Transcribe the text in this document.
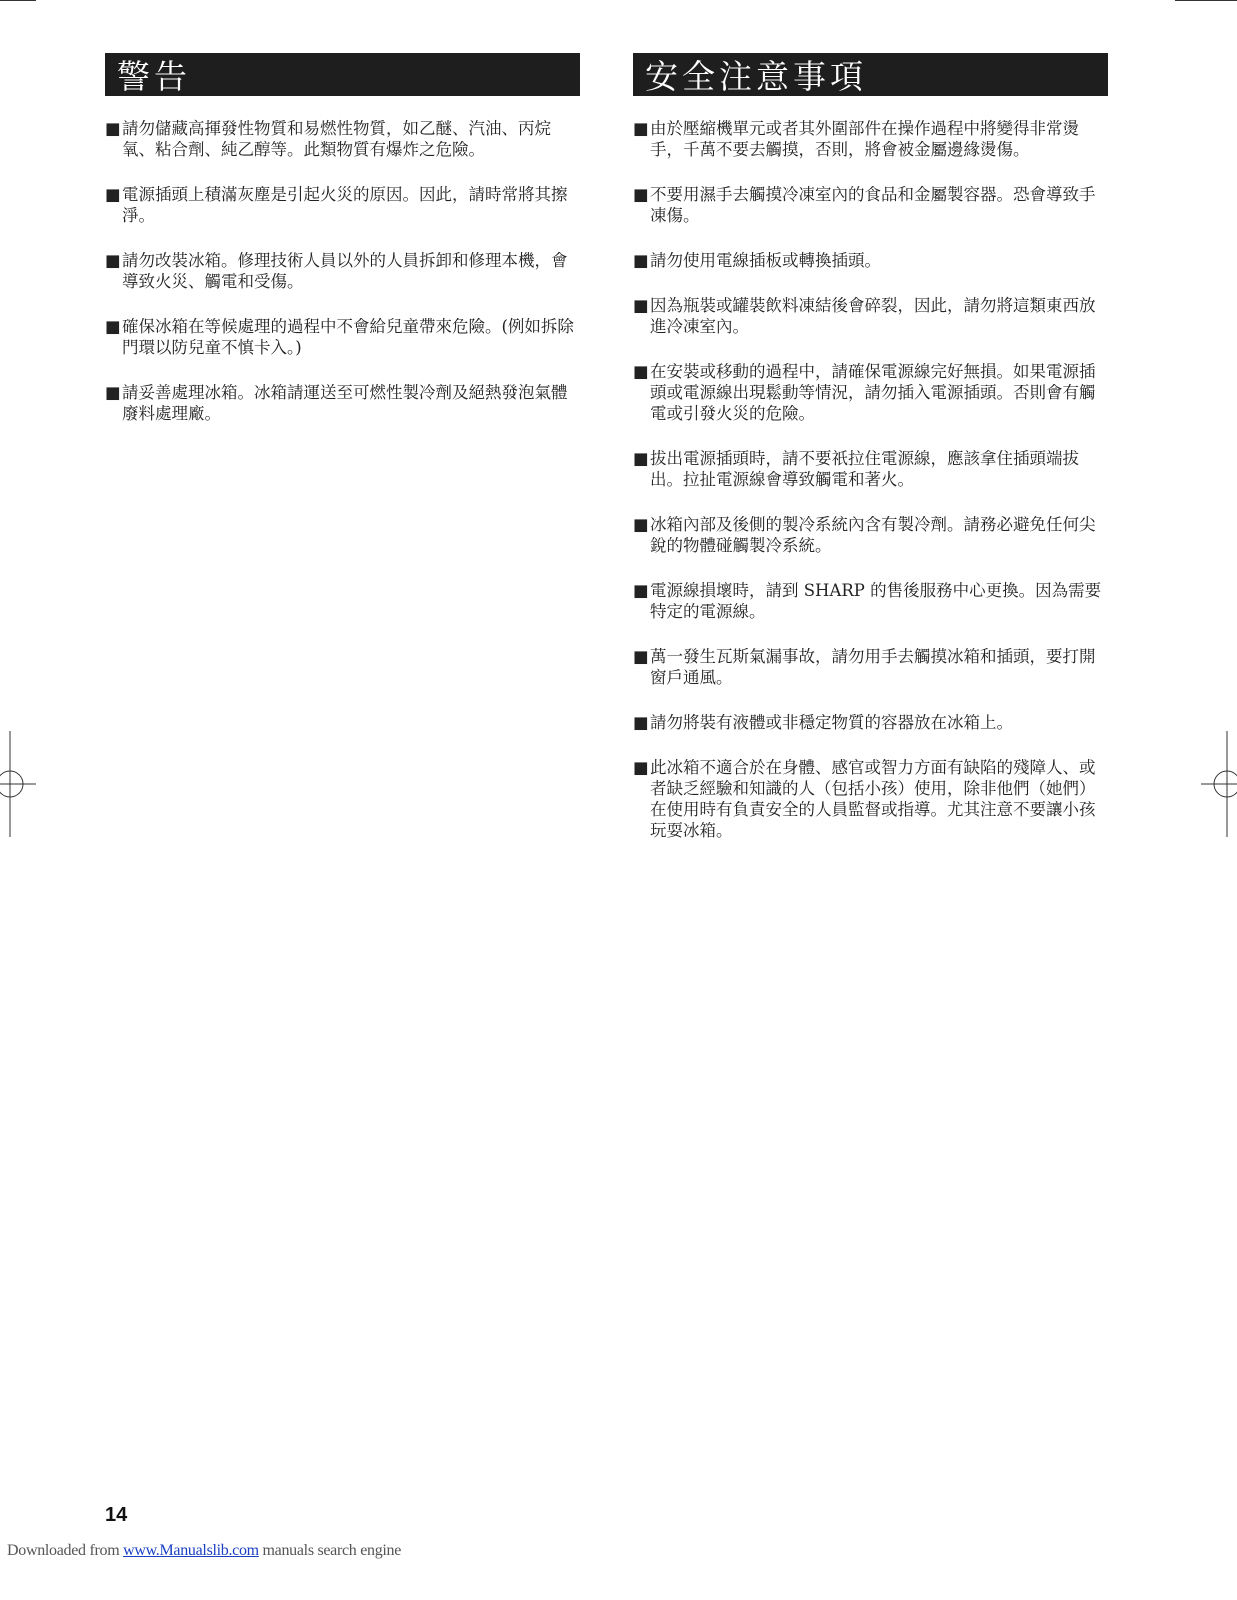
警告
■ 請勿儲藏高揮發性物質和易燃性物質，如乙醚、汽油、丙烷氧、粘合劑、純乙醇等。此類物質有爆炸之危險。
■ 電源插頭上積滿灰塵是引起火災的原因。因此，請時常將其擦淨。
■ 請勿改裝冰箱。修理技術人員以外的人員拆卸和修理本機，會導致火災、觸電和受傷。
■ 確保冰箱在等候處理的過程中不會給兒童帶來危險。(例如拆除門環以防兒童不慎卡入。)
■ 請妥善處理冰箱。冰箱請運送至可燃性製冷劑及絕熱發泡氣體廢料處理廠。
安全注意事項
■ 由於壓縮機單元或者其外圍部件在操作過程中將變得非常燙手，千萬不要去觸摸，否則，將會被金屬邊緣燙傷。
■ 不要用濕手去觸摸冷凍室內的食品和金屬製容器。恐會導致手凍傷。
■ 請勿使用電線插板或轉換插頭。
■ 因為瓶裝或罐裝飲料凍結後會碎裂，因此，請勿將這類東西放進冷凍室內。
■ 在安裝或移動的過程中，請確保電源線完好無損。如果電源插頭或電源線出現鬆動等情況，請勿插入電源插頭。否則會有觸電或引發火災的危險。
■ 拔出電源插頭時，請不要祇拉住電源線，應該拿住插頭端拔出。拉扯電源線會導致觸電和著火。
■ 冰箱內部及後側的製冷系統內含有製冷劑。請務必避免任何尖銳的物體碰觸製冷系統。
■ 電源線損壞時，請到 SHARP 的售後服務中心更換。因為需要特定的電源線。
■ 萬一發生瓦斯氣漏事故，請勿用手去觸摸冰箱和插頭，要打開窗戶通風。
■ 請勿將裝有液體或非穩定物質的容器放在冰箱上。
■ 此冰箱不適合於在身體、感官或智力方面有缺陷的殘障人、或者缺乏經驗和知識的人（包括小孩）使用，除非他們（她們）在使用時有負責安全的人員監督或指導。尤其注意不要讓小孩玩耍冰箱。
14
Downloaded from www.Manualslib.com manuals search engine
